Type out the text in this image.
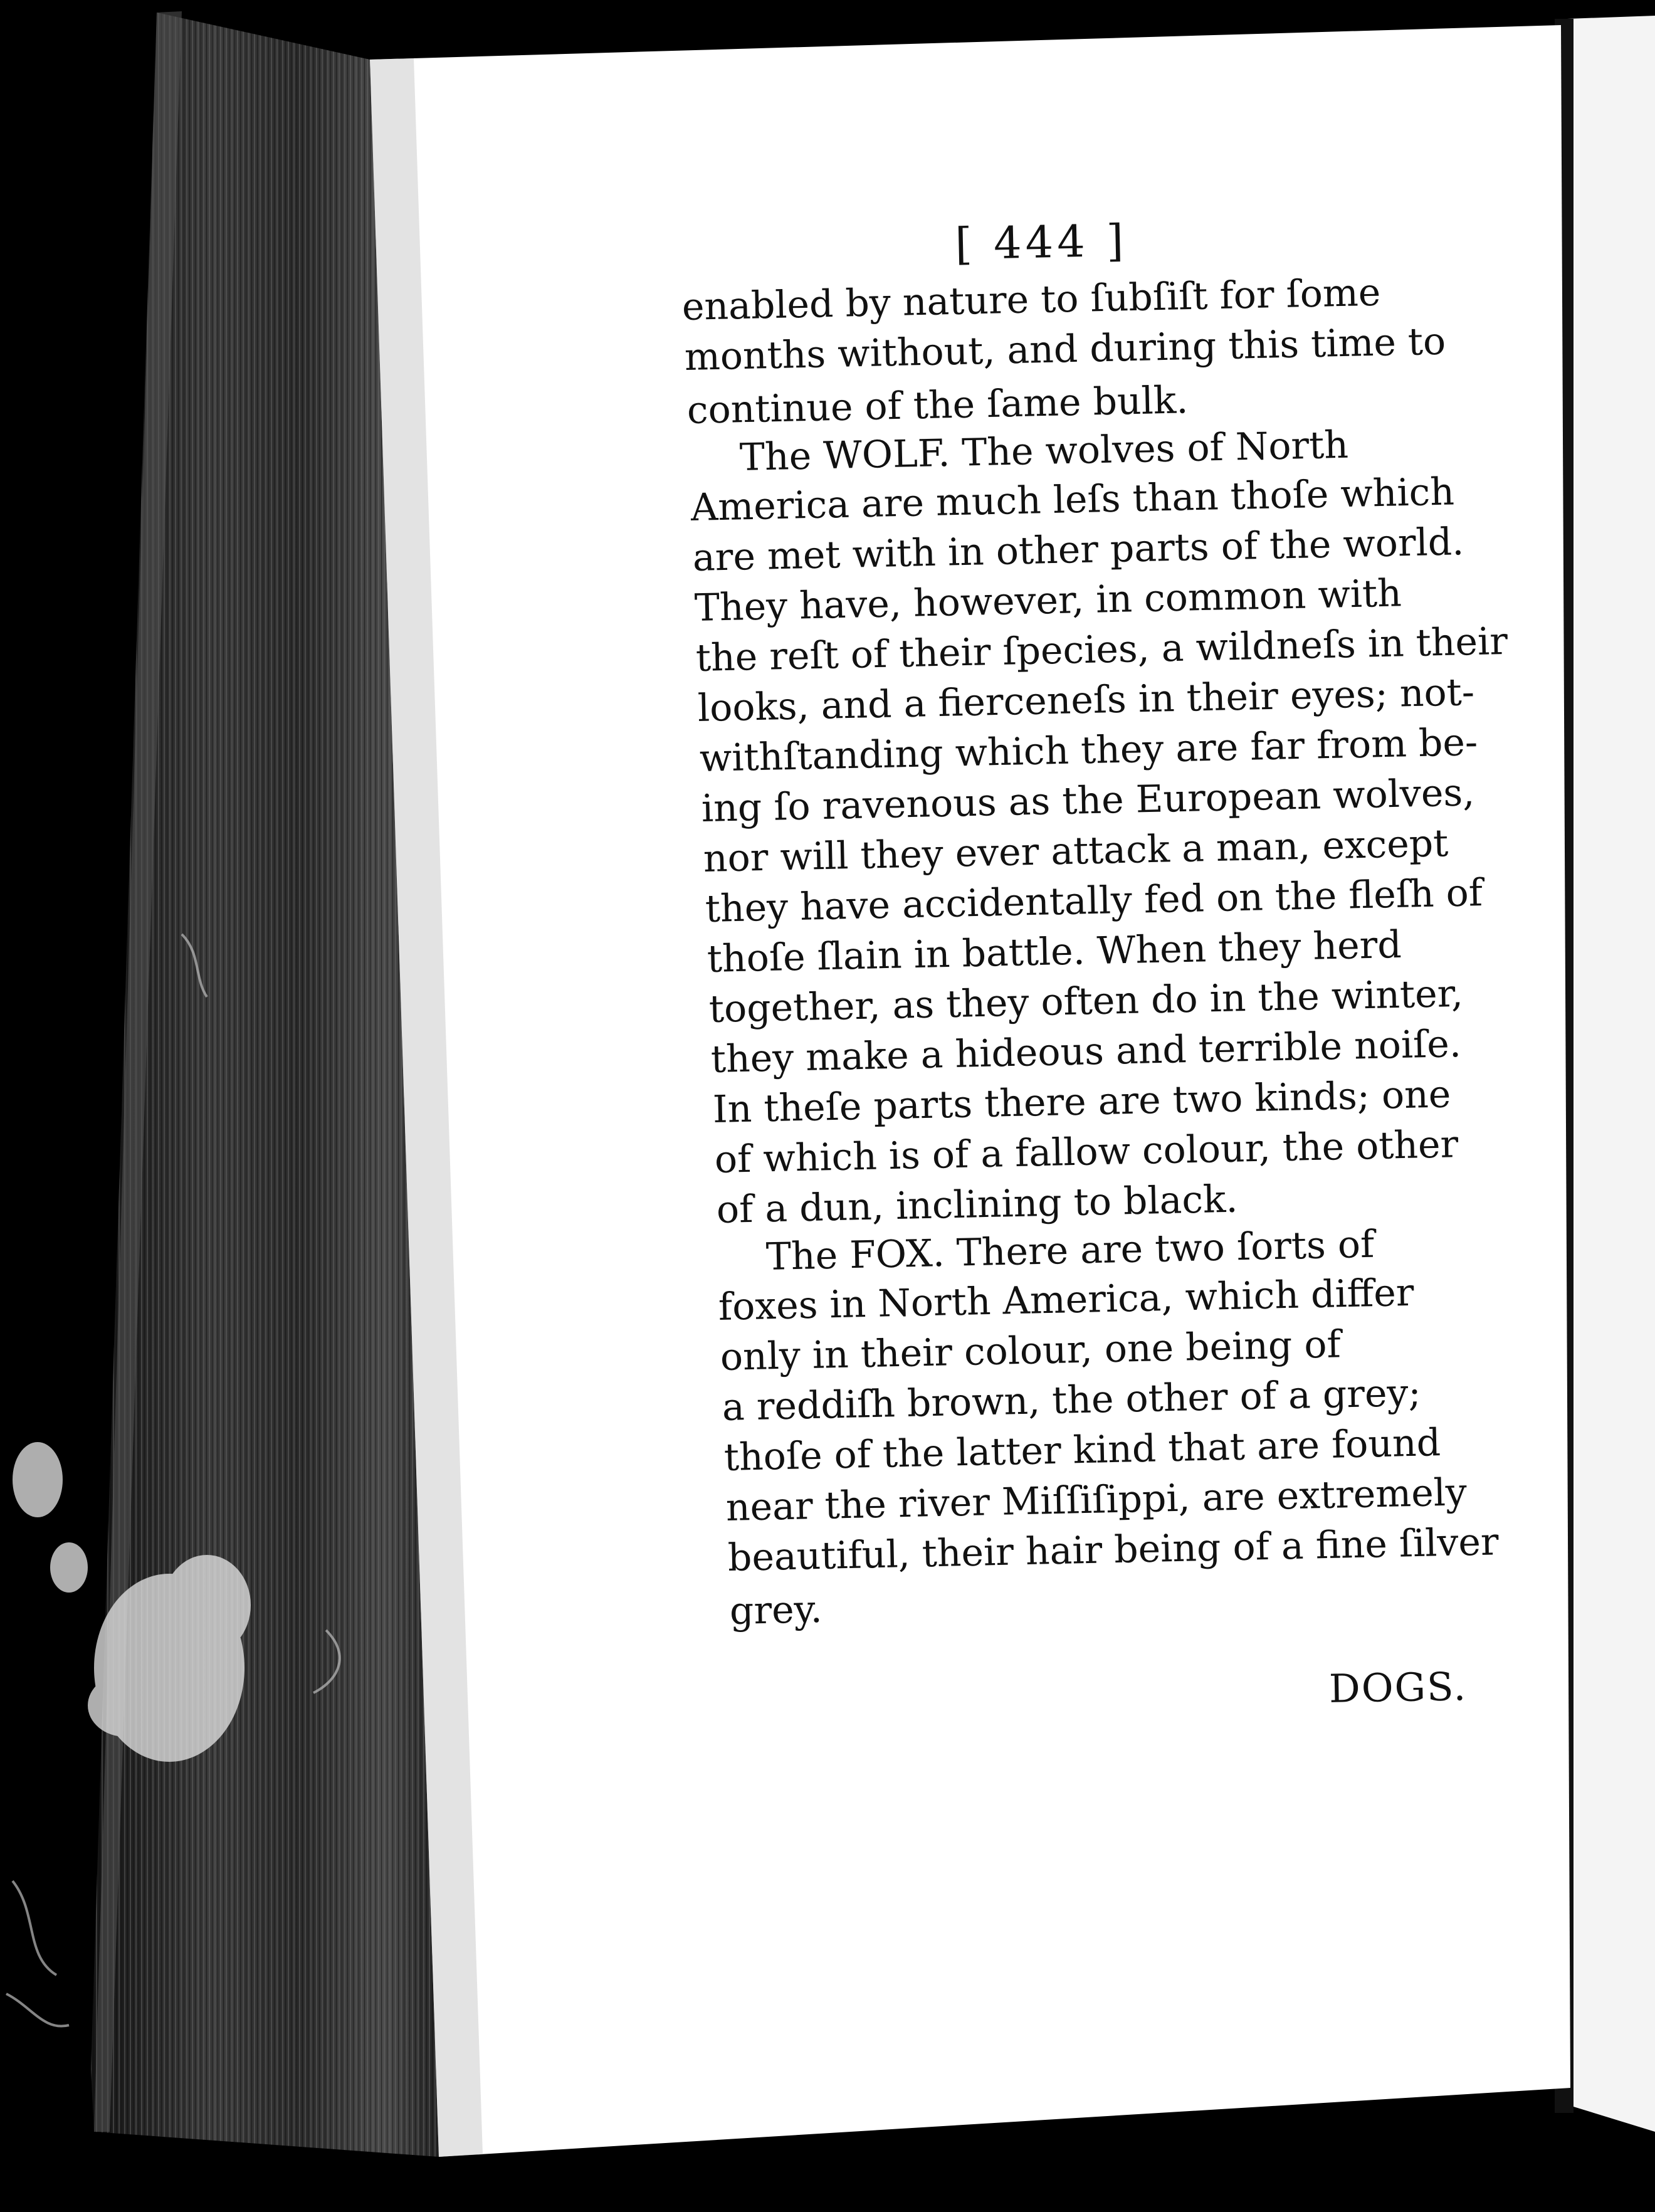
[ 444 ]
enabled by nature to ſubſiſt for ſome
months without, and during this time to
continue of the ſame bulk.
The WOLF. The wolves of North
America are much leſs than thoſe which
are met with in other parts of the world.
They have, however, in common with
the reſt of their ſpecies, a wildneſs in their
looks, and a fierceneſs in their eyes; not-
withſtanding which they are far from be-
ing ſo ravenous as the European wolves,
nor will they ever attack a man, except
they have accidentally fed on the fleſh of
thoſe ſlain in battle. When they herd
together, as they often do in the winter,
they make a hideous and terrible noiſe.
In theſe parts there are two kinds; one
of which is of a fallow colour, the other
of a dun, inclining to black.
The FOX. There are two ſorts of
foxes in North America, which differ
only in their colour, one being of
a reddiſh brown, the other of a grey;
thoſe of the latter kind that are found
near the river Miſſiſippi, are extremely
beautiful, their hair being of a fine ſilver
grey.
DOGS.
